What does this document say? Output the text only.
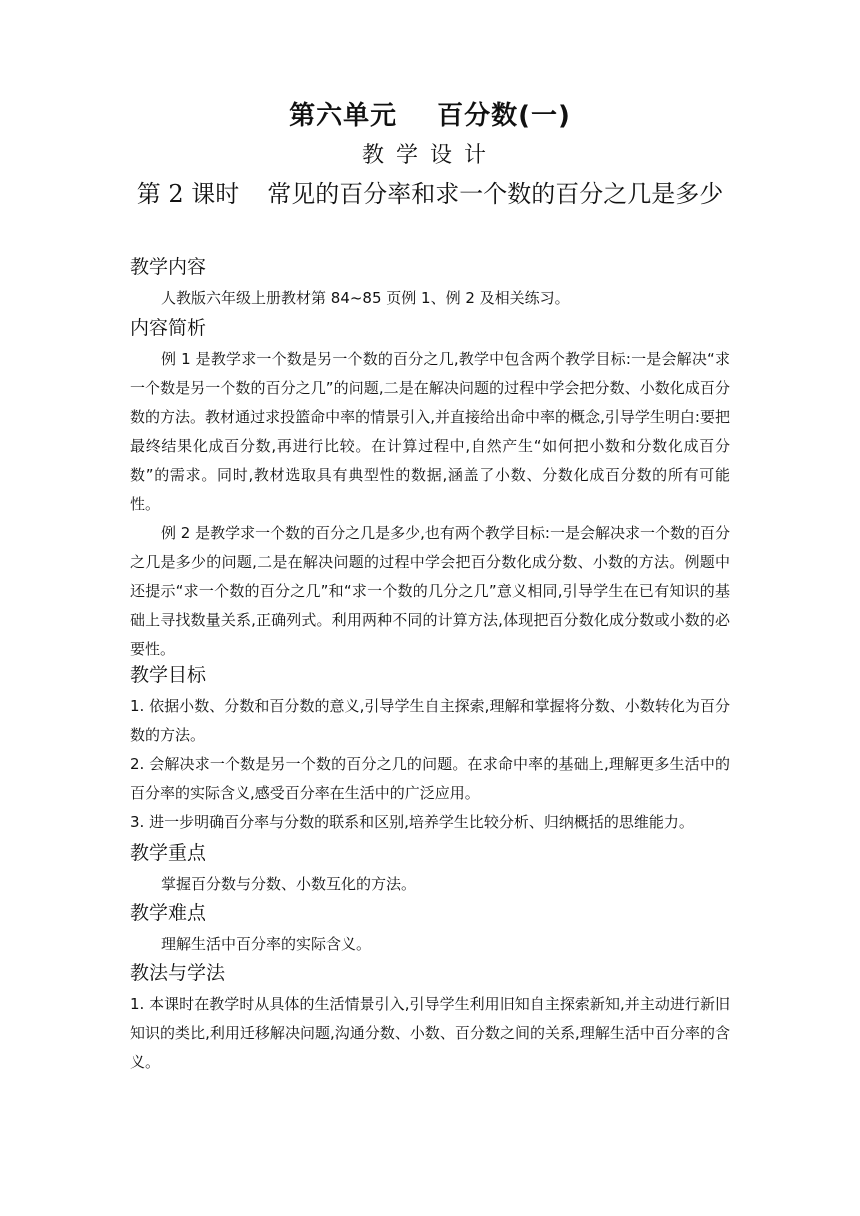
第六单元 百分数(一)
教学设计
第 2 课时 常见的百分率和求一个数的百分之几是多少
教学内容

人教版六年级上册教材第 84~85 页例 1、例 2 及相关练习。

内容简析

例 1 是教学求一个数是另一个数的百分之几,教学中包含两个教学目标:一是会解决“求一个数是另一个数的百分之几”的问题,二是在解决问题的过程中学会把分数、小数化成百分数的方法。教材通过求投篮命中率的情景引入,并直接给出命中率的概念,引导学生明白:要把最终结果化成百分数,再进行比较。在计算过程中,自然产生“如何把小数和分数化成百分数”的需求。同时,教材选取具有典型性的数据,涵盖了小数、分数化成百分数的所有可能性。

例 2 是教学求一个数的百分之几是多少,也有两个教学目标:一是会解决求一个数的百分之几是多少的问题,二是在解决问题的过程中学会把百分数化成分数、小数的方法。例题中还提示“求一个数的百分之几”和“求一个数的几分之几”意义相同,引导学生在已有知识的基础上寻找数量关系,正确列式。利用两种不同的计算方法,体现把百分数化成分数或小数的必要性。

教学目标

1. 依据小数、分数和百分数的意义,引导学生自主探索,理解和掌握将分数、小数转化为百分数的方法。

2. 会解决求一个数是另一个数的百分之几的问题。在求命中率的基础上,理解更多生活中的百分率的实际含义,感受百分率在生活中的广泛应用。

3. 进一步明确百分率与分数的联系和区别,培养学生比较分析、归纳概括的思维能力。

教学重点

掌握百分数与分数、小数互化的方法。

教学难点

理解生活中百分率的实际含义。

教法与学法

1. 本课时在教学时从具体的生活情景引入,引导学生利用旧知自主探索新知,并主动进行新旧知识的类比,利用迁移解决问题,沟通分数、小数、百分数之间的关系,理解生活中百分率的含义。
